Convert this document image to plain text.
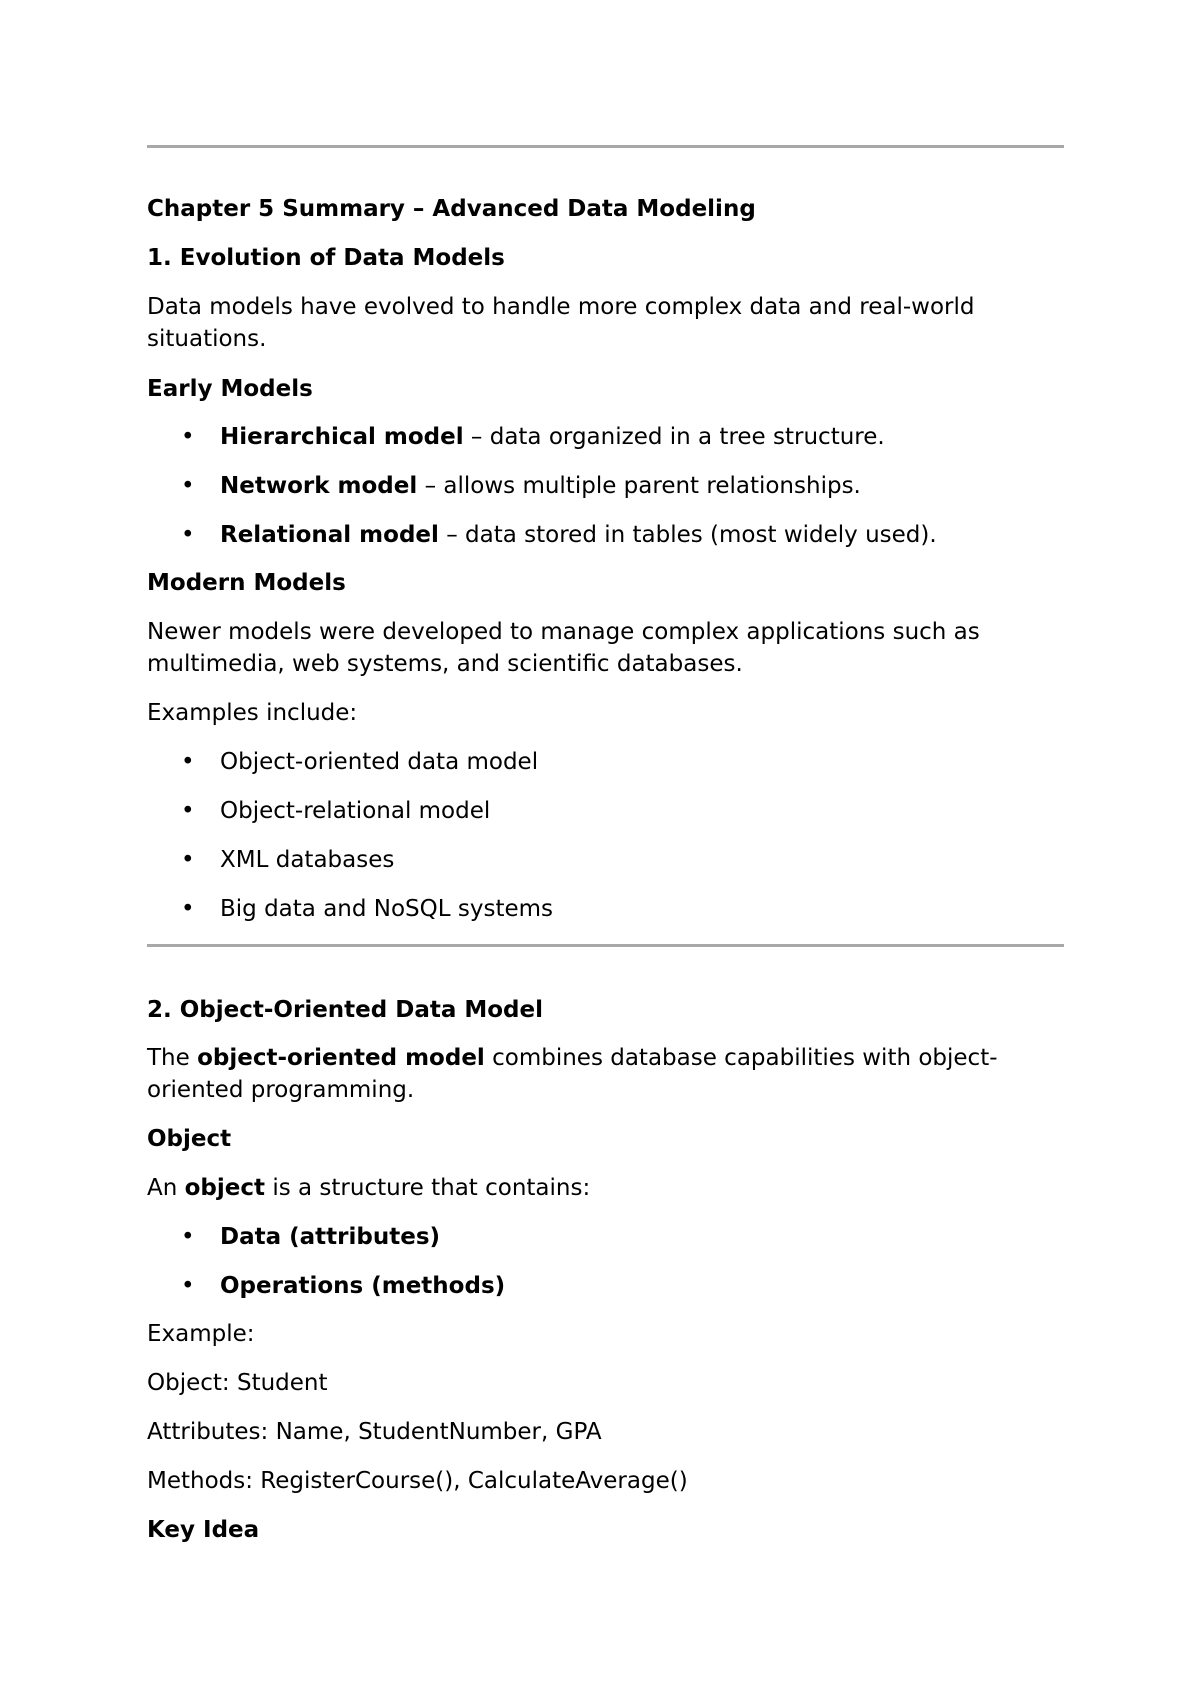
Chapter 5 Summary – Advanced Data Modeling
1. Evolution of Data Models
Data models have evolved to handle more complex data and real-world
situations.
Early Models
• Hierarchical model – data organized in a tree structure.
• Network model – allows multiple parent relationships.
• Relational model – data stored in tables (most widely used).
Modern Models
Newer models were developed to manage complex applications such as
multimedia, web systems, and scientific databases.
Examples include:
• Object-oriented data model
• Object-relational model
• XML databases
• Big data and NoSQL systems
2. Object-Oriented Data Model
The object-oriented model combines database capabilities with object-
oriented programming.
Object
An object is a structure that contains:
• Data (attributes)
• Operations (methods)
Example:
Object: Student
Attributes: Name, StudentNumber, GPA
Methods: RegisterCourse(), CalculateAverage()
Key Idea
